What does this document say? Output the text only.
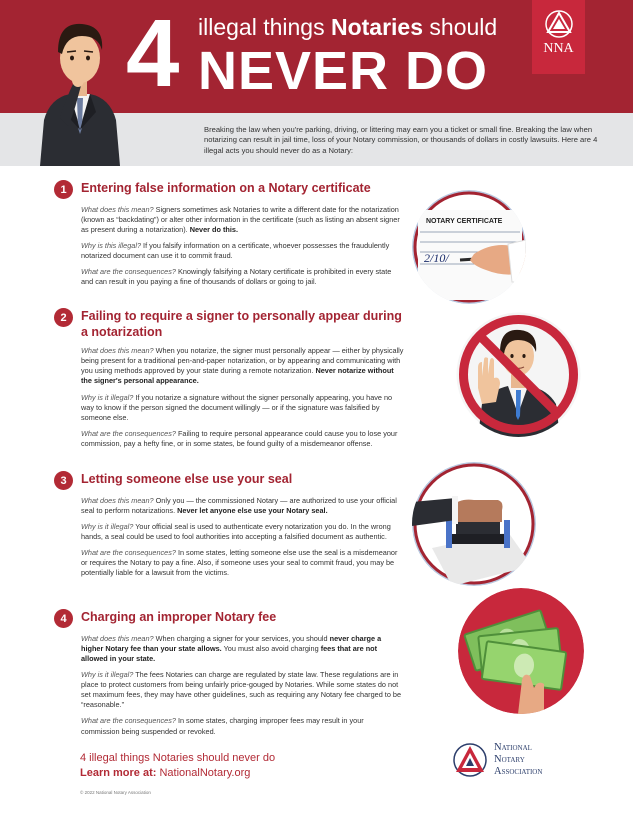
4 illegal things Notaries should
NEVER DO	NNA
Breaking the law when you're parking, driving, or littering may earn you a ticket or small fine. Breaking the law when notarizing can result in jail time, loss of your Notary commission, or thousands of dollars in costly lawsuits. Here are 4 illegal acts you should never do as a Notary:
1	Entering false information on a Notary certificate

What does this mean? Signers sometimes ask Notaries to write a different date for the notarization (known as “backdating”) or alter other information in the certificate (such as listing an absent signer as present during a notarization). Never do this.

Why is this illegal? If you falsify information on a certificate, whoever possesses the fraudulently notarized document can use it to commit fraud.

What are the consequences? Knowingly falsifying a Notary certificate is prohibited in every state and can result in you paying a fine of thousands of dollars or going to jail.

NOTARY CERTIFICATE
2/10/
2	Failing to require a signer to personally appear during a notarization

What does this mean? When you notarize, the signer must personally appear — either by physically being present for a traditional pen-and-paper notarization, or by appearing and communicating with you using methods approved by your state during a remote notarization. Never notarize without the signer's personal appearance.

Why is it illegal? If you notarize a signature without the signer personally appearing, you have no way to know if the person signed the document willingly — or if the signature was falsified by someone else.

What are the consequences? Failing to require personal appearance could cause you to lose your commission, pay a hefty fine, or in some states, be found guilty of a misdemeanor offense.

3	Letting someone else use your seal

What does this mean? Only you — the commissioned Notary — are authorized to use your official seal to perform notarizations. Never let anyone else use your Notary seal.

Why is it illegal? Your official seal is used to authenticate every notarization you do. In the wrong hands, a seal could be used to fool authorities into accepting a falsified document as authentic.

What are the consequences? In some states, letting someone else use the seal is a misdemeanor or requires the Notary to pay a fine. Also, if someone uses your seal to commit fraud, you may be potentially liable for a lawsuit from the victims.

4	Charging an improper Notary fee

What does this mean? When charging a signer for your services, you should never charge a higher Notary fee than your state allows. You must also avoid charging fees that are not allowed in your state.

Why is it illegal? The fees Notaries can charge are regulated by state law. These regulations are in place to protect customers from being unfairly price-gouged by Notaries. While some states do not set maximum fees, they may have other guidelines, such as requiring any Notary fee charged to be “reasonable.”

What are the consequences? In some states, charging improper fees may result in your commission being suspended or revoked.

4 illegal things Notaries should never do
Learn more at: NationalNotary.org
© 2022 National Notary Association
National
Notary
Association
